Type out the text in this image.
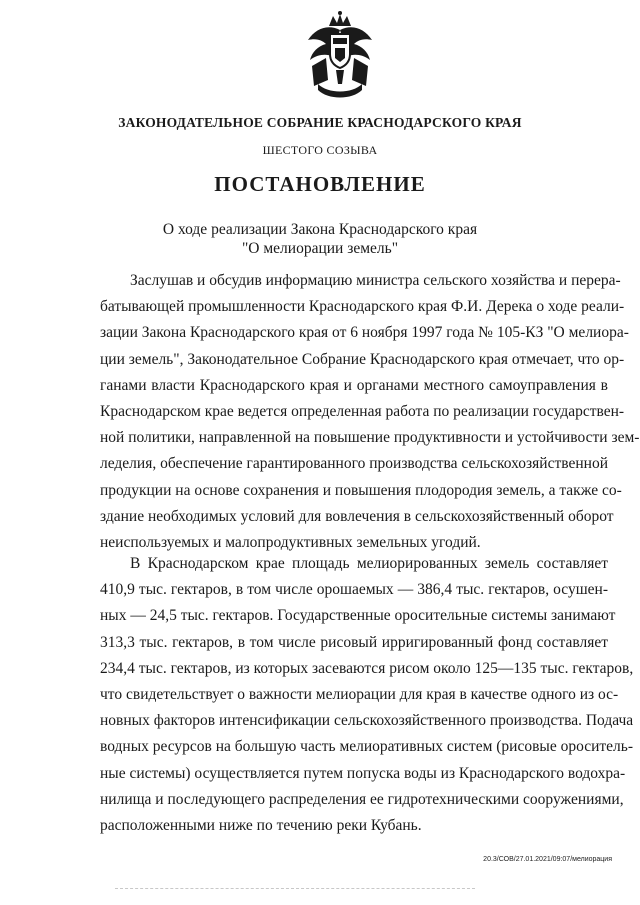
ЗАКОНОДАТЕЛЬНОЕ СОБРАНИЕ КРАСНОДАРСКОГО КРАЯ
ШЕСТОГО СОЗЫВА
ПОСТАНОВЛЕНИЕ
О ходе реализации Закона Краснодарского края
"О мелиорации земель"
Заслушав и обсудив информацию министра сельского хозяйства и перера-
батывающей промышленности Краснодарского края Ф.И. Дерека о ходе реали-
зации Закона Краснодарского края от 6 ноября 1997 года № 105-КЗ "О мелиора-
ции земель", Законодательное Собрание Краснодарского края отмечает, что ор-
ганами власти Краснодарского края и органами местного самоуправления в
Краснодарском крае ведется определенная работа по реализации государствен-
ной политики, направленной на повышение продуктивности и устойчивости зем-
леделия, обеспечение гарантированного производства сельскохозяйственной
продукции на основе сохранения и повышения плодородия земель, а также со-
здание необходимых условий для вовлечения в сельскохозяйственный оборот
неиспользуемых и малопродуктивных земельных угодий.
В Краснодарском крае площадь мелиорированных земель составляет
410,9 тыс. гектаров, в том числе орошаемых — 386,4 тыс. гектаров, осушен-
ных — 24,5 тыс. гектаров. Государственные оросительные системы занимают
313,3 тыс. гектаров, в том числе рисовый ирригированный фонд составляет
234,4 тыс. гектаров, из которых засеваются рисом около 125—135 тыс. гектаров,
что свидетельствует о важности мелиорации для края в качестве одного из ос-
новных факторов интенсификации сельскохозяйственного производства. Подача
водных ресурсов на большую часть мелиоративных систем (рисовые ороситель-
ные системы) осуществляется путем попуска воды из Краснодарского водохра-
нилища и последующего распределения ее гидротехническими сооружениями,
расположенными ниже по течению реки Кубань.
20.3/СОВ/27.01.2021/09:07/мелиорация
